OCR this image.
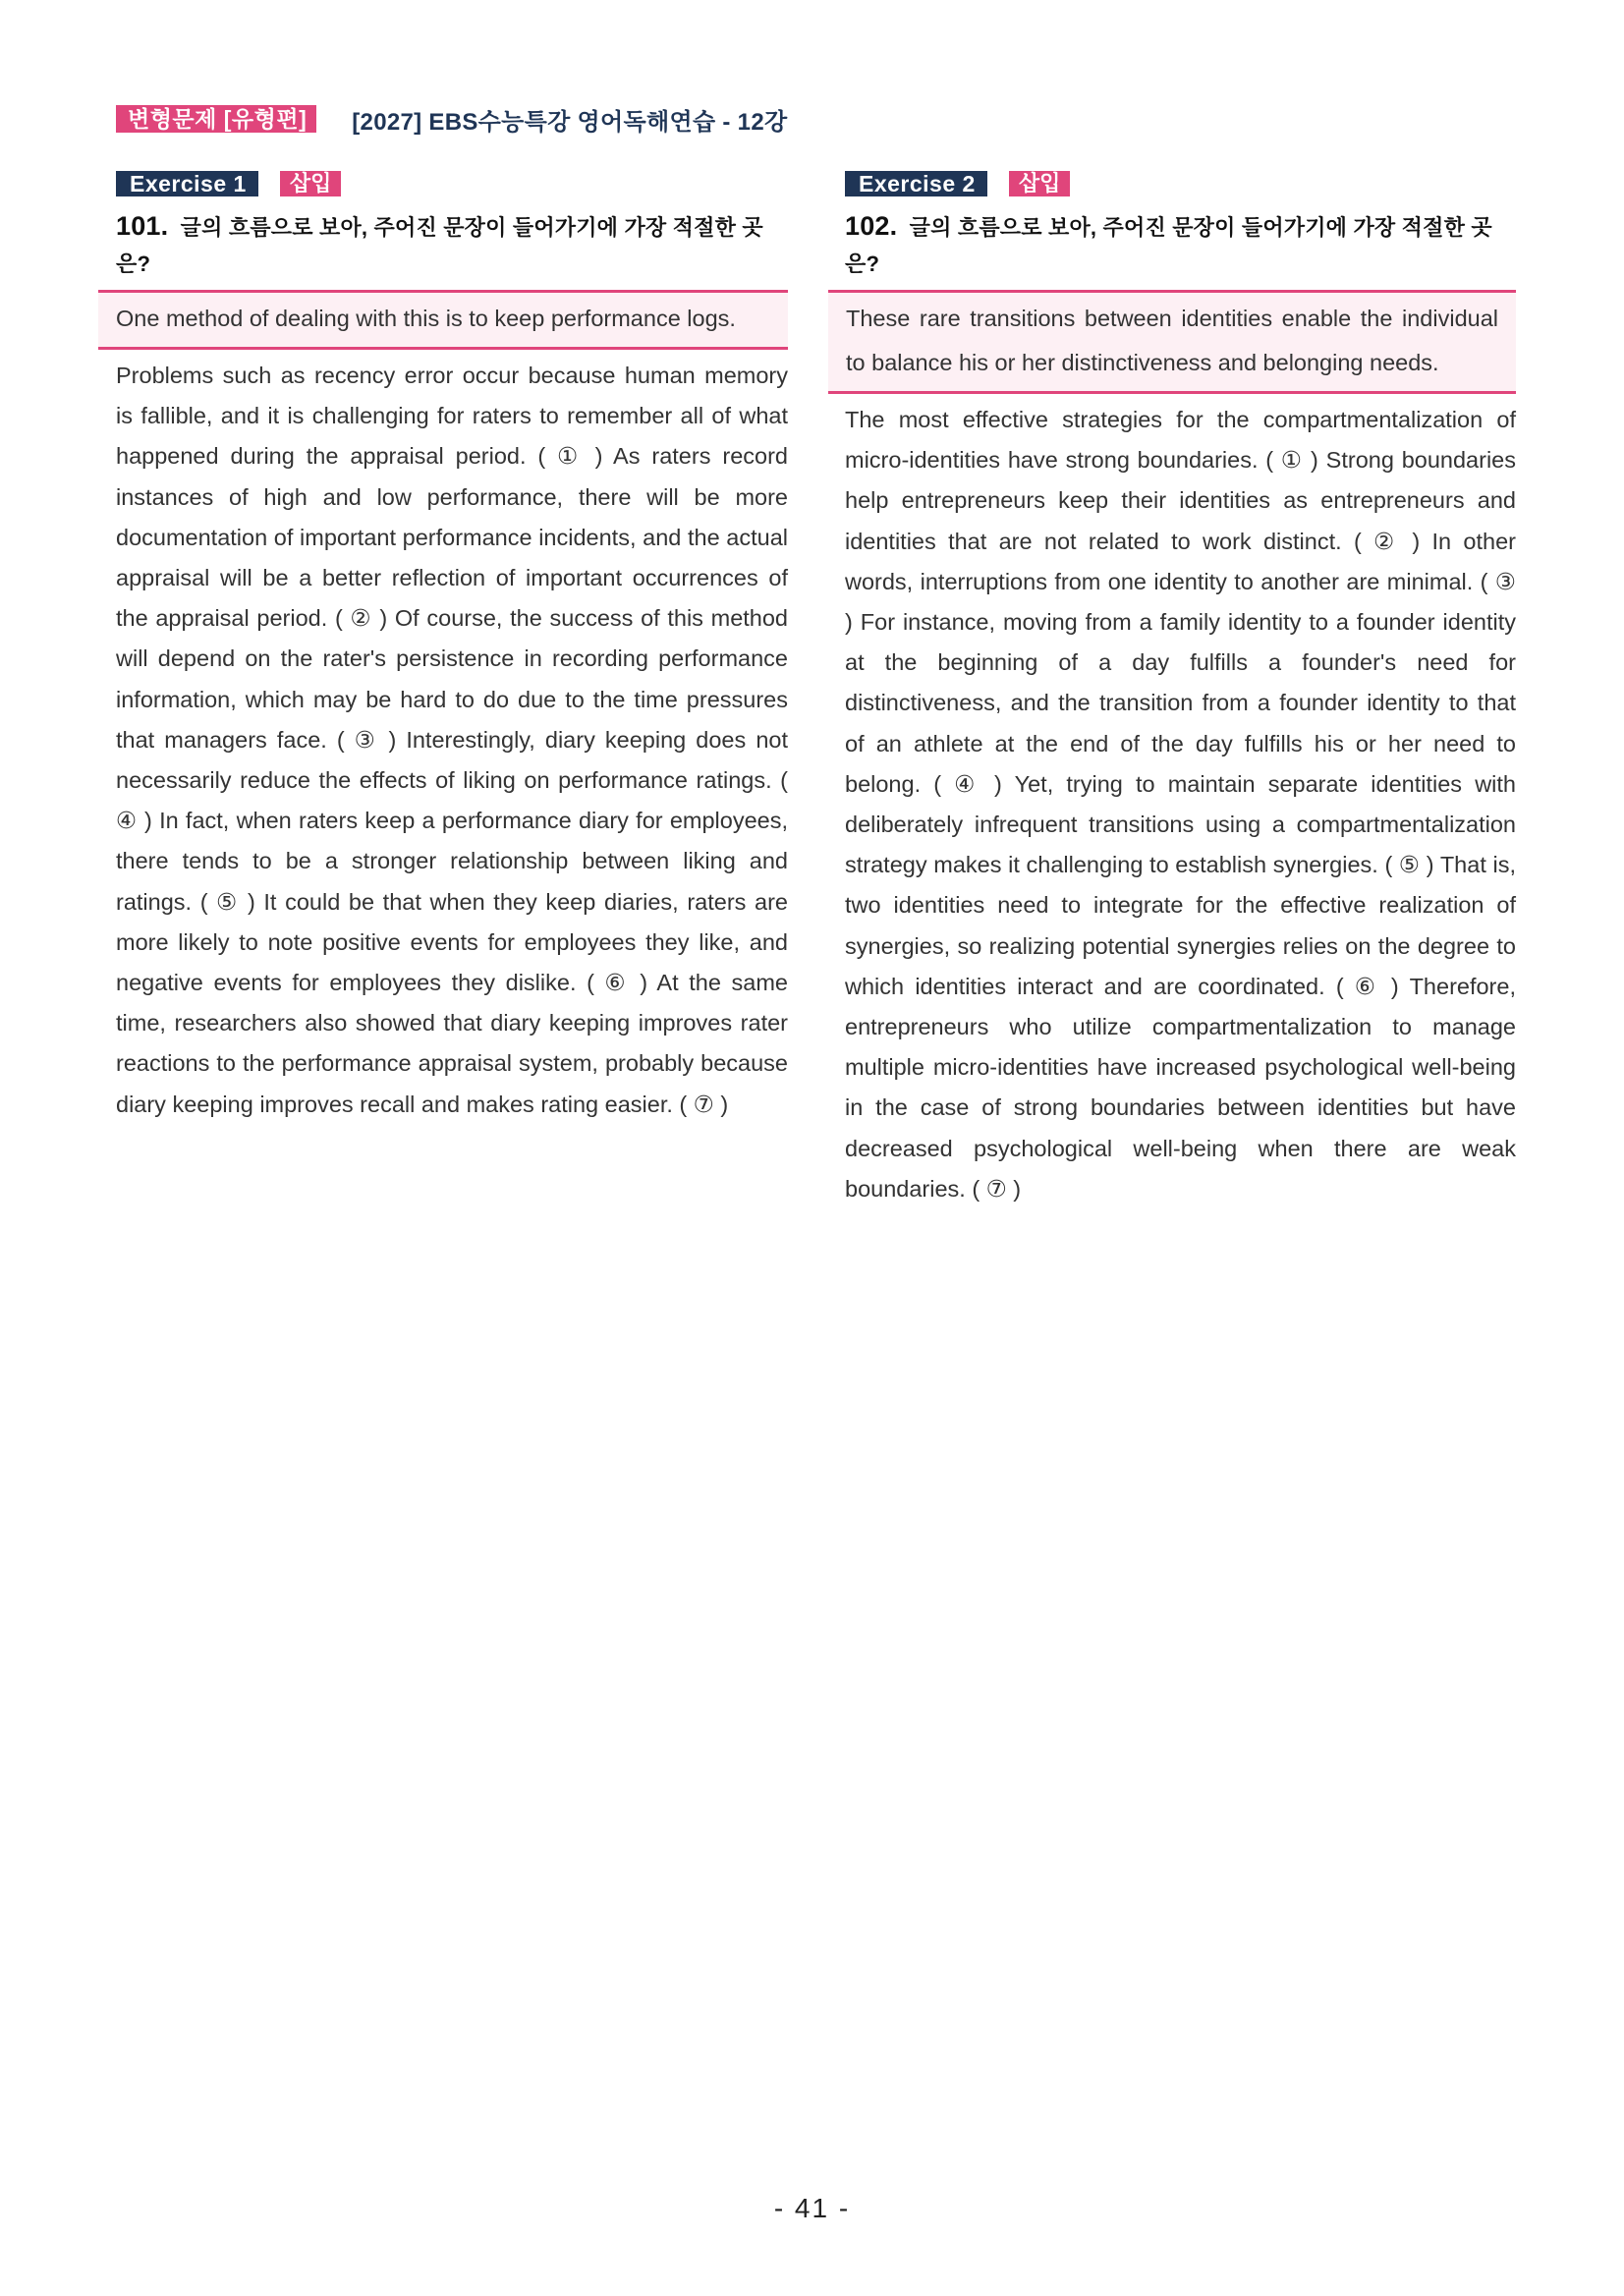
변형문제 [유형편]	[2027] EBS수능특강 영어독해연습 - 12강
Exercise 1	삽입
101. 글의 흐름으로 보아, 주어진 문장이 들어가기에 가장 적절한 곳은?
One method of dealing with this is to keep performance logs.
Problems such as recency error occur because human memory is fallible, and it is challenging for raters to remember all of what happened during the appraisal period. ( ① ) As raters record instances of high and low performance, there will be more documentation of important performance incidents, and the actual appraisal will be a better reflection of important occurrences of the appraisal period. ( ② ) Of course, the success of this method will depend on the rater's persistence in recording performance information, which may be hard to do due to the time pressures that managers face. ( ③ ) Interestingly, diary keeping does not necessarily reduce the effects of liking on performance ratings. ( ④ ) In fact, when raters keep a performance diary for employees, there tends to be a stronger relationship between liking and ratings. ( ⑤ ) It could be that when they keep diaries, raters are more likely to note positive events for employees they like, and negative events for employees they dislike. ( ⑥ ) At the same time, researchers also showed that diary keeping improves rater reactions to the performance appraisal system, probably because diary keeping improves recall and makes rating easier. ( ⑦ )
Exercise 2	삽입
102. 글의 흐름으로 보아, 주어진 문장이 들어가기에 가장 적절한 곳은?
These rare transitions between identities enable the individual to balance his or her distinctiveness and belonging needs.
The most effective strategies for the compartmentalization of micro-identities have strong boundaries. ( ① ) Strong boundaries help entrepreneurs keep their identities as entrepreneurs and identities that are not related to work distinct. ( ② ) In other words, interruptions from one identity to another are minimal. ( ③ ) For instance, moving from a family identity to a founder identity at the beginning of a day fulfills a founder's need for distinctiveness, and the transition from a founder identity to that of an athlete at the end of the day fulfills his or her need to belong. ( ④ ) Yet, trying to maintain separate identities with deliberately infrequent transitions using a compartmentalization strategy makes it challenging to establish synergies. ( ⑤ ) That is, two identities need to integrate for the effective realization of synergies, so realizing potential synergies relies on the degree to which identities interact and are coordinated. ( ⑥ ) Therefore, entrepreneurs who utilize compartmentalization to manage multiple micro-identities have increased psychological well-being in the case of strong boundaries between identities but have decreased psychological well-being when there are weak boundaries. ( ⑦ )
- 41 -
